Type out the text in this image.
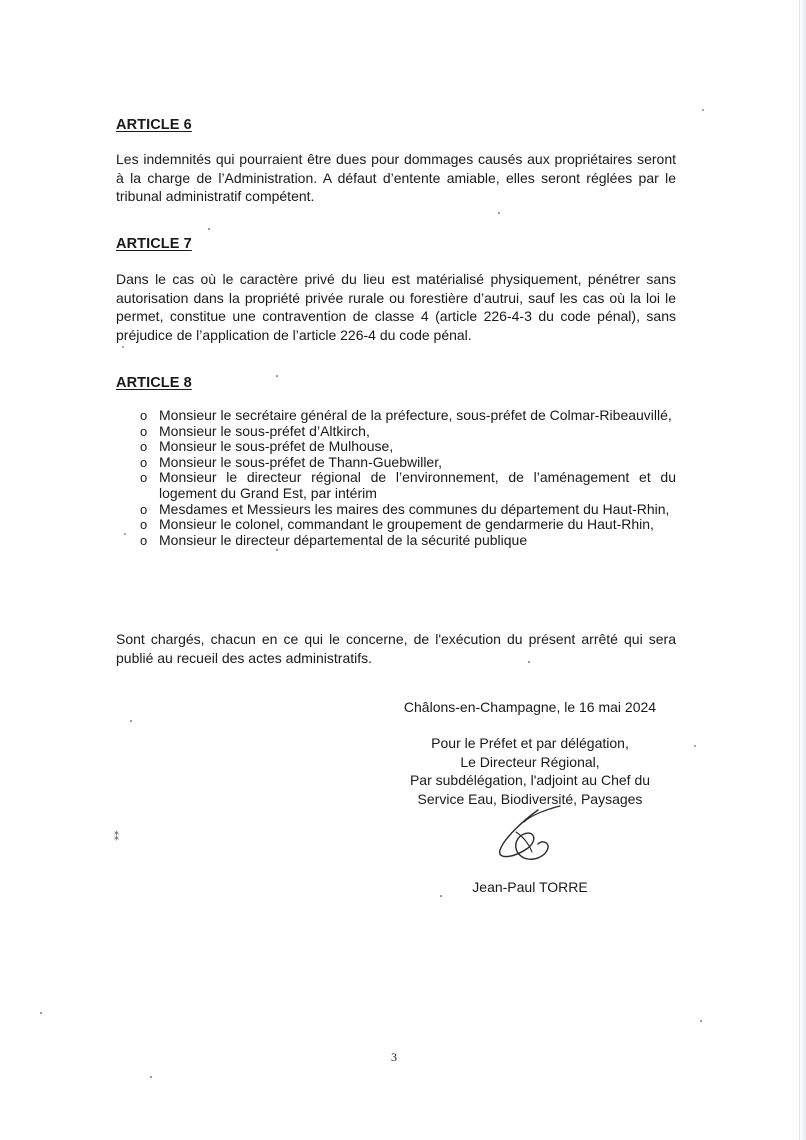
ARTICLE 6

Les indemnités qui pourraient être dues pour dommages causés aux propriétaires seront à la charge de l’Administration. A défaut d’entente amiable, elles seront réglées par le tribunal administratif compétent.

ARTICLE 7

Dans le cas où le caractère privé du lieu est matérialisé physiquement, pénétrer sans autorisation dans la propriété privée rurale ou forestière d’autrui, sauf les cas où la loi le permet, constitue une contravention de classe 4 (article 226-4-3 du code pénal), sans préjudice de l’application de l’article 226-4 du code pénal.

ARTICLE 8
o Monsieur le secrétaire général de la préfecture, sous-préfet de Colmar-Ribeauvillé,
o Monsieur le sous-préfet d’Altkirch,
o Monsieur le sous-préfet de Mulhouse,
o Monsieur le sous-préfet de Thann-Guebwiller,
o Monsieur le directeur régional de l’environnement, de l’aménagement et du logement du Grand Est, par intérim
o Mesdames et Messieurs les maires des communes du département du Haut-Rhin,
o Monsieur le colonel, commandant le groupement de gendarmerie du Haut-Rhin,
o Monsieur le directeur départemental de la sécurité publique

Sont chargés, chacun en ce qui le concerne, de l'exécution du présent arrêté qui sera publié au recueil des actes administratifs.

Châlons-en-Champagne, le 16 mai 2024
Pour le Préfet et par délégation,
Le Directeur Régional,
Par subdélégation, l'adjoint au Chef du
Service Eau, Biodiversité, Paysages
Jean-Paul TORRE
3
⁑
